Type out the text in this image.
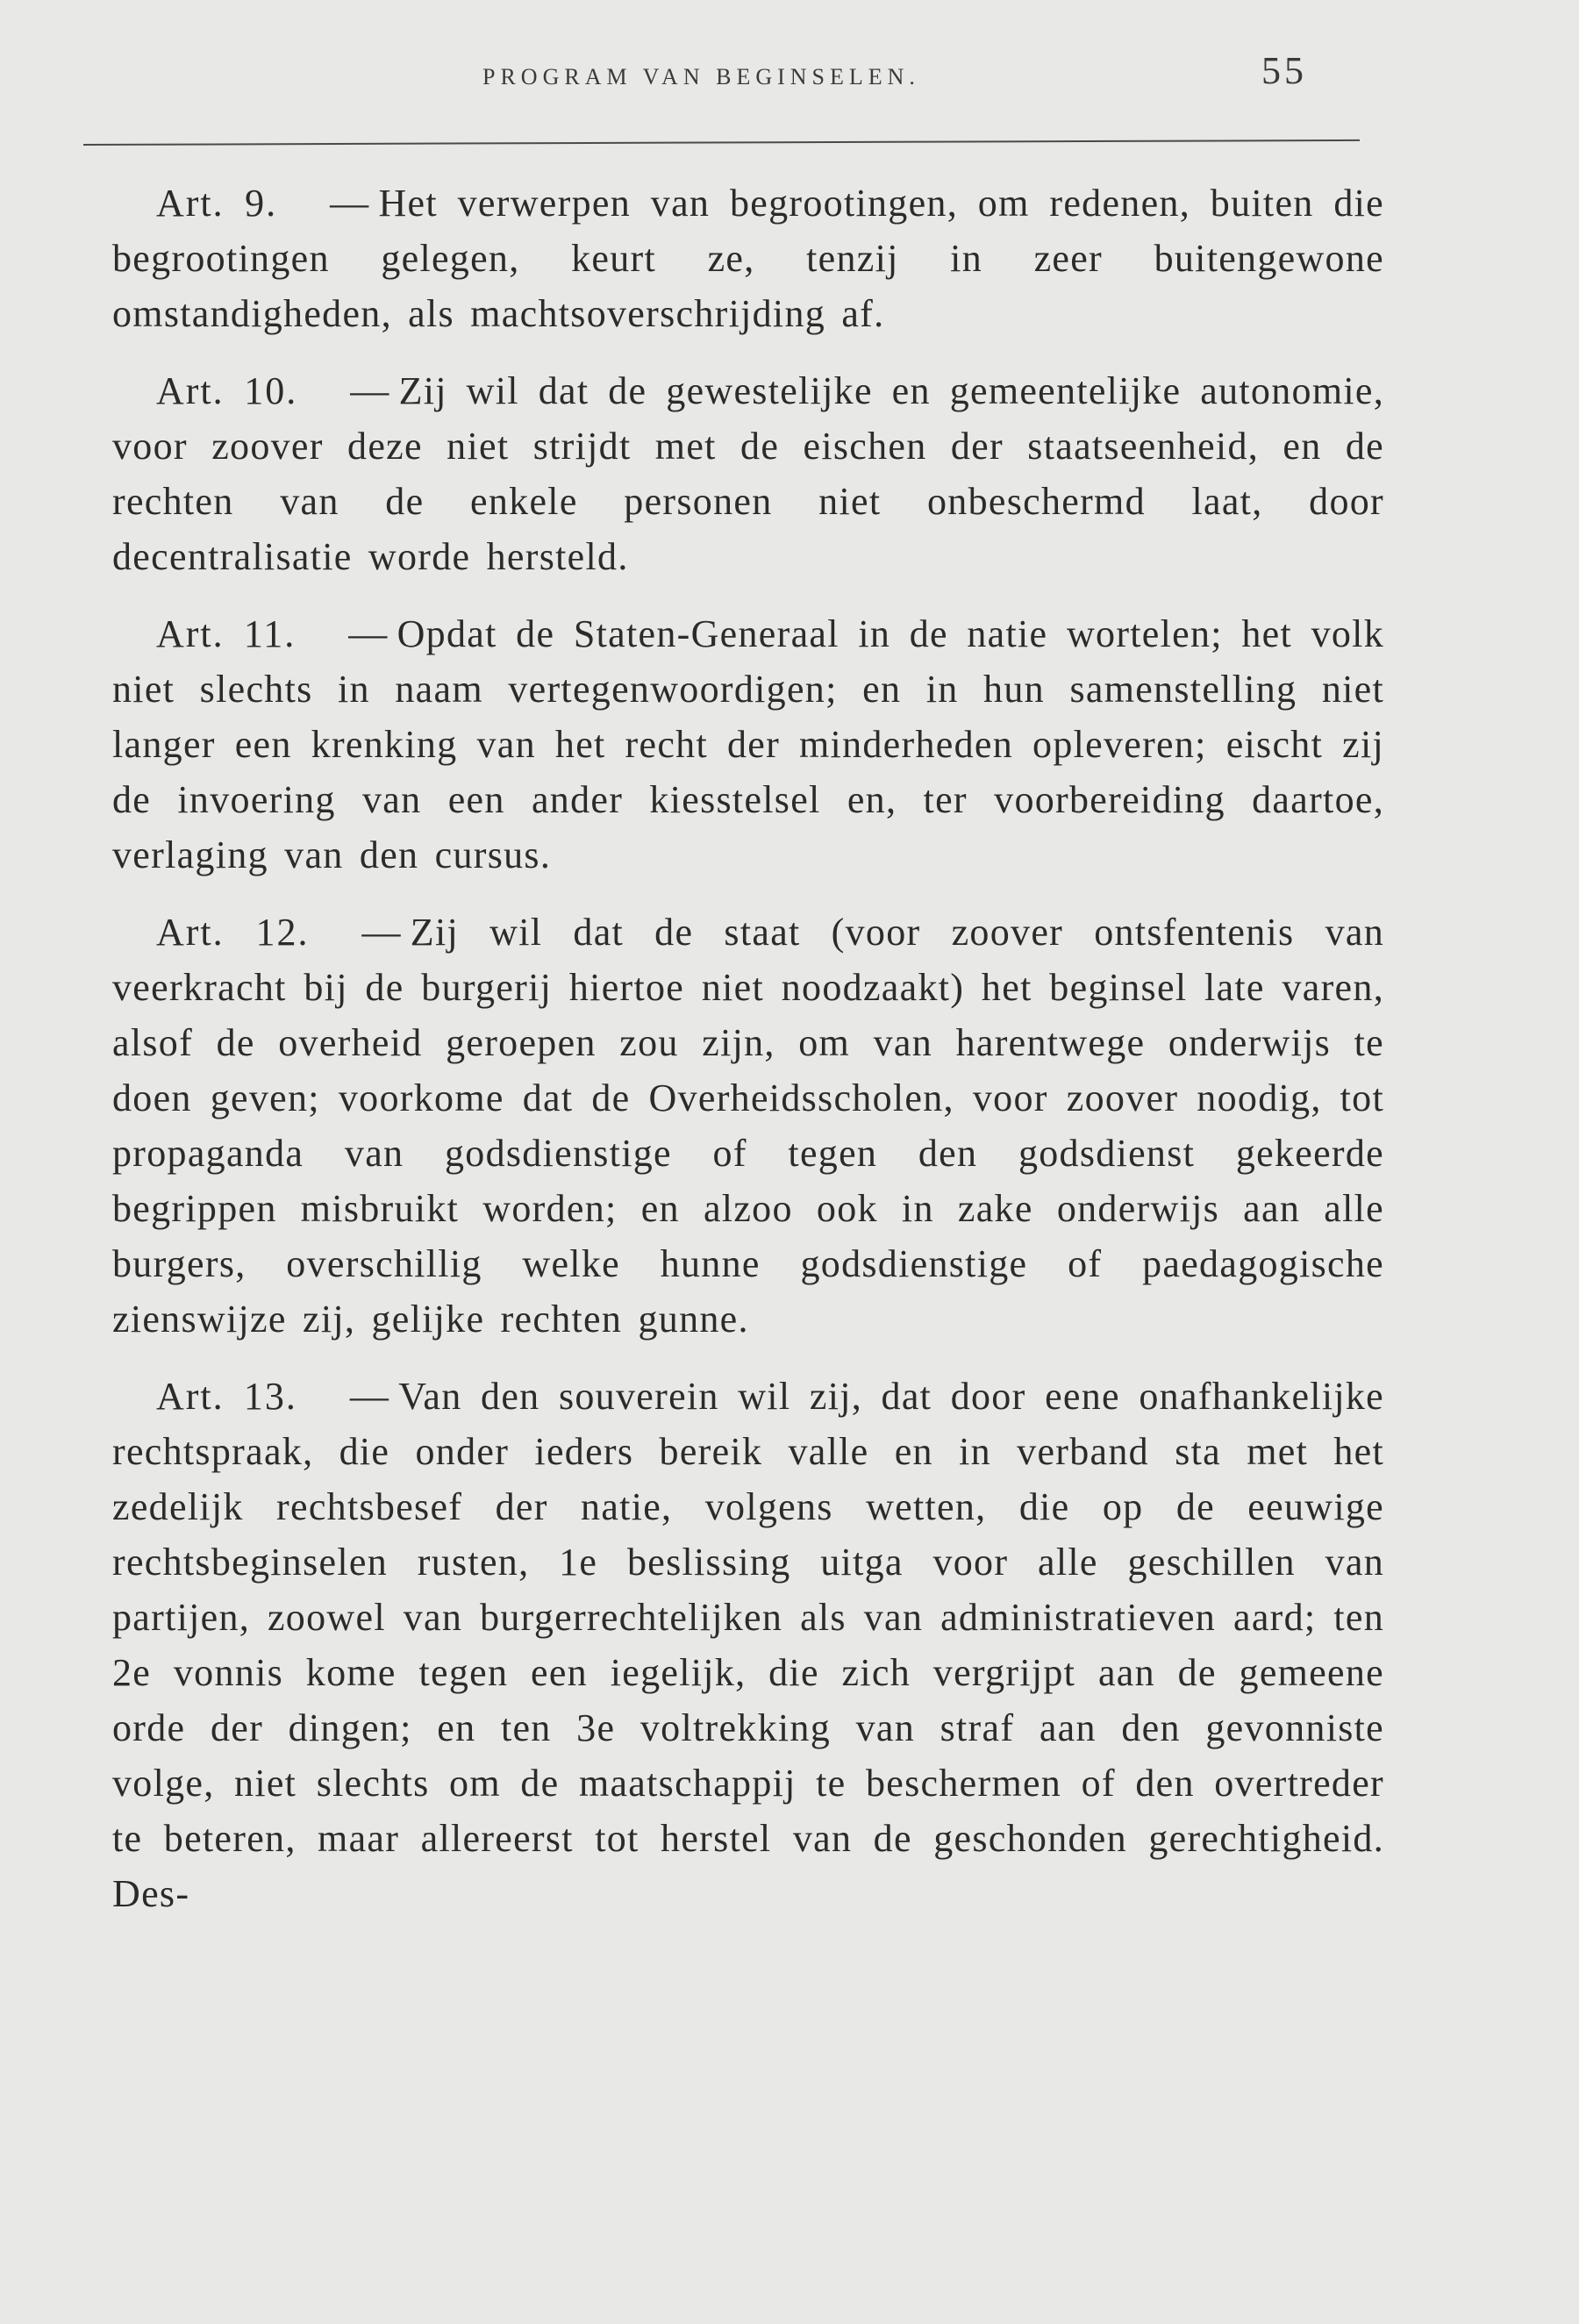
PROGRAM VAN BEGINSELEN.	55

Art. 9. — Het verwerpen van begrootingen, om redenen, buiten die begrootingen gelegen, keurt ze, tenzij in zeer buitengewone omstandigheden, als machtsoverschrijding af.

Art. 10. — Zij wil dat de gewestelijke en gemeentelijke autonomie, voor zoover deze niet strijdt met de eischen der staatseenheid, en de rechten van de enkele personen niet onbeschermd laat, door decentralisatie worde hersteld.

Art. 11. — Opdat de Staten-Generaal in de natie wortelen; het volk niet slechts in naam vertegenwoordigen; en in hun samenstelling niet langer een krenking van het recht der minderheden opleveren; eischt zij de invoering van een ander kiesstelsel en, ter voorbereiding daartoe, verlaging van den cursus.

Art. 12. — Zij wil dat de staat (voor zoover ontsfentenis van veerkracht bij de burgerij hiertoe niet noodzaakt) het beginsel late varen, alsof de overheid geroepen zou zijn, om van harentwege onderwijs te doen geven; voorkome dat de Overheidsscholen, voor zoover noodig, tot propaganda van godsdienstige of tegen den godsdienst gekeerde begrippen misbruikt worden; en alzoo ook in zake onderwijs aan alle burgers, overschillig welke hunne godsdienstige of paedagogische zienswijze zij, gelijke rechten gunne.

Art. 13. — Van den souverein wil zij, dat door eene onafhankelijke rechtspraak, die onder ieders bereik valle en in verband sta met het zedelijk rechtsbesef der natie, volgens wetten, die op de eeuwige rechtsbeginselen rusten, 1e beslissing uitga voor alle geschillen van partijen, zoowel van burgerrechtelijken als van administratieven aard; ten 2e vonnis kome tegen een iegelijk, die zich vergrijpt aan de gemeene orde der dingen; en ten 3e voltrekking van straf aan den gevonniste volge, niet slechts om de maatschappij te beschermen of den overtreder te beteren, maar allereerst tot herstel van de geschonden gerechtigheid. Des-
